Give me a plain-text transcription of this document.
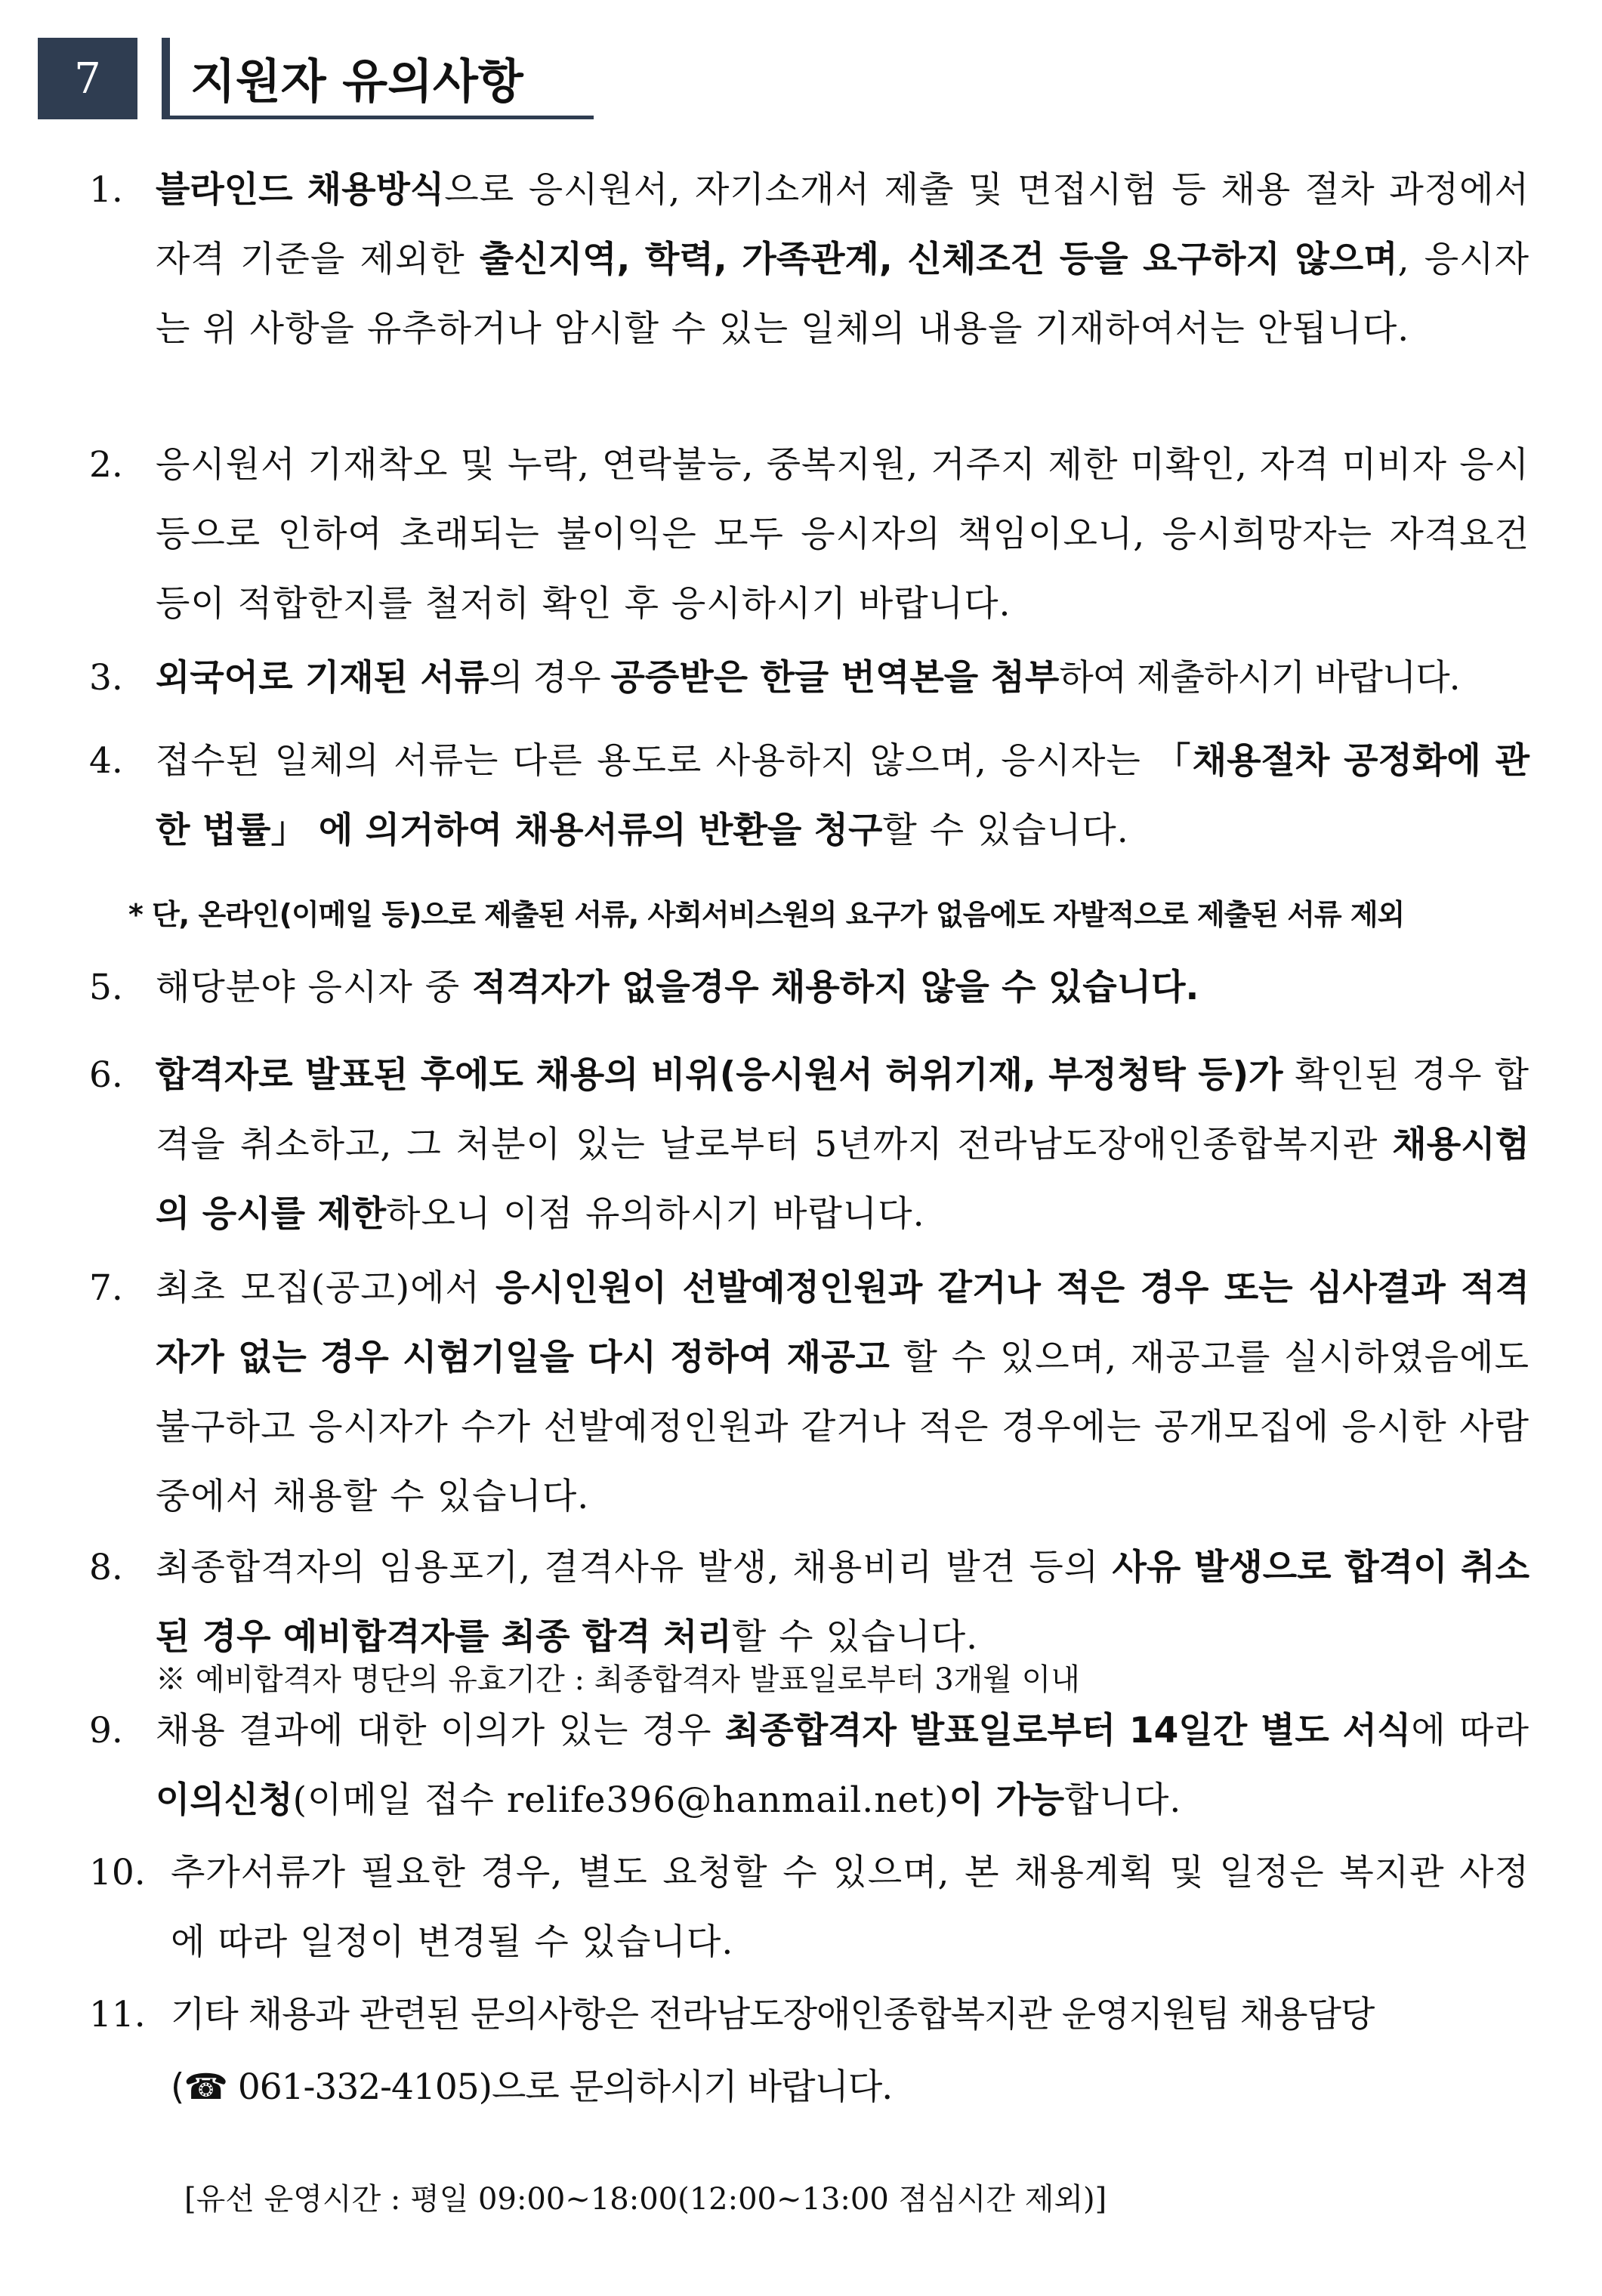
7	지원자 유의사항
1. 블라인드 채용방식으로 응시원서, 자기소개서 제출 및 면접시험 등 채용 절차 과정에서 자격 기준을 제외한 출신지역, 학력, 가족관계, 신체조건 등을 요구하지 않으며, 응시자는 위 사항을 유추하거나 암시할 수 있는 일체의 내용을 기재하여서는 안됩니다.
2. 응시원서 기재착오 및 누락, 연락불능, 중복지원, 거주지 제한 미확인, 자격 미비자 응시 등으로 인하여 초래되는 불이익은 모두 응시자의 책임이오니, 응시희망자는 자격요건 등이 적합한지를 철저히 확인 후 응시하시기 바랍니다.
3. 외국어로 기재된 서류의 경우 공증받은 한글 번역본을 첨부하여 제출하시기 바랍니다.
4. 접수된 일체의 서류는 다른 용도로 사용하지 않으며, 응시자는 「채용절차 공정화에 관한 법률」 에 의거하여 채용서류의 반환을 청구할 수 있습니다.
* 단, 온라인(이메일 등)으로 제출된 서류, 사회서비스원의 요구가 없음에도 자발적으로 제출된 서류 제외
5. 해당분야 응시자 중 적격자가 없을경우 채용하지 않을 수 있습니다.
6. 합격자로 발표된 후에도 채용의 비위(응시원서 허위기재, 부정청탁 등)가 확인된 경우 합격을 취소하고, 그 처분이 있는 날로부터 5년까지 전라남도장애인종합복지관 채용시험의 응시를 제한하오니 이점 유의하시기 바랍니다.
7. 최초 모집(공고)에서 응시인원이 선발예정인원과 같거나 적은 경우 또는 심사결과 적격자가 없는 경우 시험기일을 다시 정하여 재공고 할 수 있으며, 재공고를 실시하였음에도 불구하고 응시자가 수가 선발예정인원과 같거나 적은 경우에는 공개모집에 응시한 사람 중에서 채용할 수 있습니다.
8. 최종합격자의 임용포기, 결격사유 발생, 채용비리 발견 등의 사유 발생으로 합격이 취소된 경우 예비합격자를 최종 합격 처리할 수 있습니다.
※ 예비합격자 명단의 유효기간 : 최종합격자 발표일로부터 3개월 이내
9. 채용 결과에 대한 이의가 있는 경우 최종합격자 발표일로부터 14일간 별도 서식에 따라 이의신청(이메일 접수 relife396@hanmail.net)이 가능합니다.
10. 추가서류가 필요한 경우, 별도 요청할 수 있으며, 본 채용계획 및 일정은 복지관 사정에 따라 일정이 변경될 수 있습니다.
11. 기타 채용과 관련된 문의사항은 전라남도장애인종합복지관 운영지원팀 채용담당
(☎ 061-332-4105)으로 문의하시기 바랍니다.
[유선 운영시간 : 평일 09:00~18:00(12:00~13:00 점심시간 제외)]
